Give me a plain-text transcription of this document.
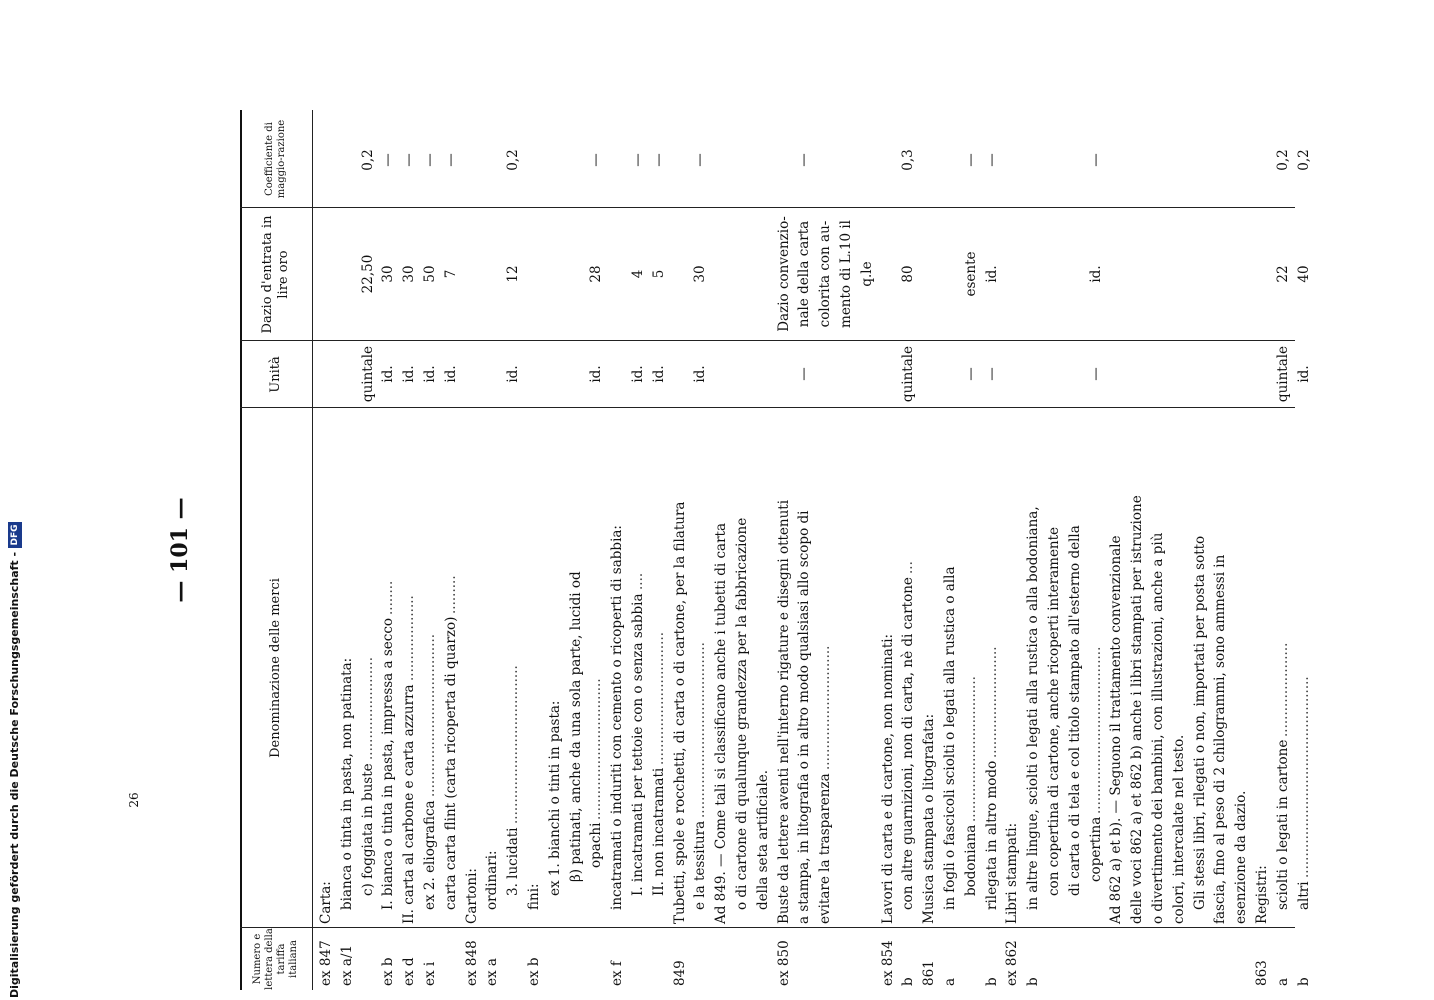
— 101 —
Numero e lettera della tariffa italiana
Denominazione delle merci
Unità
Dazio d'entrata in lire oro
Coefficiente di maggio-razione
ex 847
Carta:
ex a/1
bianca o tinta in pasta, non patinata: c) foggiata in buste
........................
quintale
22,50
0,2
ex b
I. bianca o tinta in pasta, impressa a secco
........
id.
30
—
ex d
II. carta al carbone e carta azzurra
....................
id.
30
—
ex i
ex 2. eliografica
......................................
id.
50
—
carta carta flint (carta ricoperta di quarzo)
.........
id.
7
—
ex 848
Cartoni:
ex a
ordinari: 3. lucidati
.....................................
id.
12
0,2
ex b
fini:
ex 1. bianchi o tinti in pasta: β) patinati, anche da una sola parte, lucidi od opachi
.................................
id.
28
—
ex f
incatramati o induriti con cemento o ricoperti di sabbia: I. incatramati per tettoie con o senza sabbia
....
id.
4
—
II. non incatramati
...............................
id.
5
—
849
Tubetti, spole e rocchetti, di carta o di cartone, per la filatura e la tessitura
.........................................
id.
30
—
Ad 849. — Come tali si classificano anche i tubetti di carta o di cartone di qualunque grandezza per la fabbricazione della seta artificiale.
ex 850
Buste da lettere aventi nell'interno rigature e disegni ottenuti
Dazio convenzio-
a stampa, in litografia o in altro modo qualsiasi allo scopo di
—
nale della carta
—
evitare la trasparenza
.............................
colorita con au- mento di L.10 il q.le
ex 854
Lavori di carta e di cartone, non nominati:
b
con altre guarnizioni, non di carta, nè di cartone
...
quintale
80
0,3
861
Musica stampata o litografata:
a
in fogli o fascicoli sciolti o legati alla rustica o alla bodoniana
..................................
—
esente
—
b
rilegata in altro modo
..........................
—
id.
—
ex 862
Libri stampati:
b
in altre lingue, sciolti o legati alla rustica o alla bodoniana, con copertina di cartone, anche ricoperti interamente di carta o di tela e col titolo stampato all'esterno della copertina
.......................................
—
id.
—
Ad 862 a) et b). — Seguono il trattamento convenzionale delle voci 862 a) et 862 b) anche i libri stampati per istruzione o divertimento dei bambini, con illustrazioni, anche a più colori, intercalate nel testo. Gli stessi libri, rilegati o non, importati per posta sotto fascia, fino al peso di 2 chilogrammi, sono ammessi in esenzione da dazio.
863
Registri:
a
sciolti o legati in cartone
......................
quintale
22
0,2
b
altri
...............................................
id.
40
0,2
Digitalisierung gefördert durch die Deutsche Forschungsgemeinschaft -DFG
26
